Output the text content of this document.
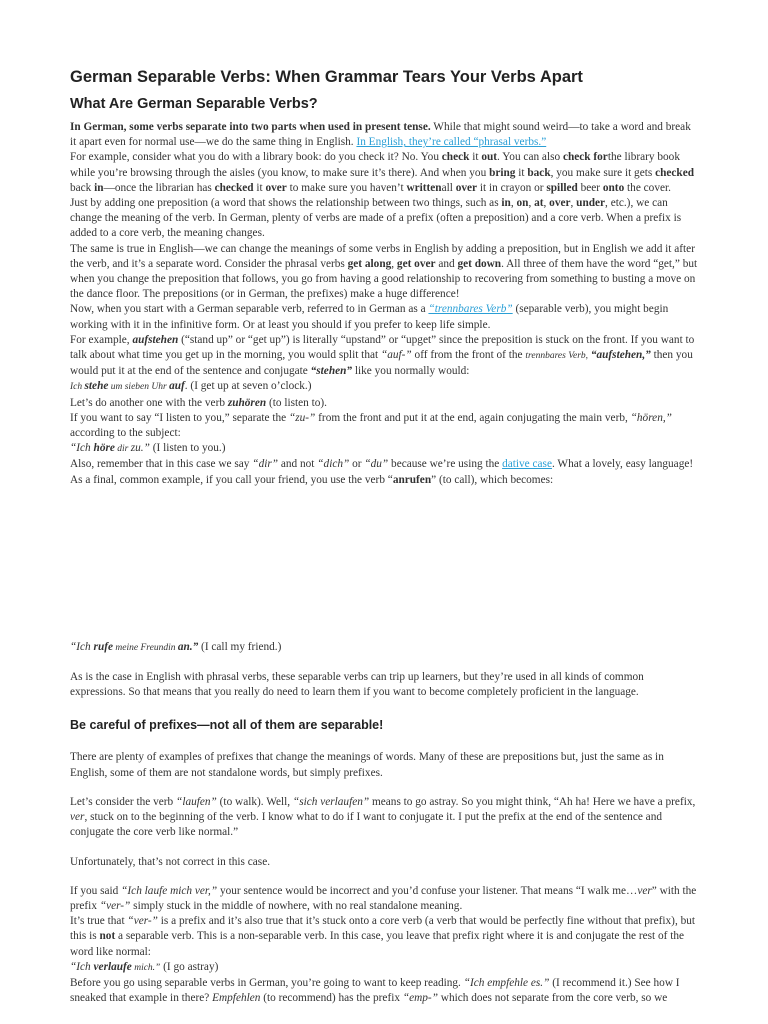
German Separable Verbs: When Grammar Tears Your Verbs Apart
What Are German Separable Verbs?

In German, some verbs separate into two parts when used in present tense. While that might sound weird—to take a word and break it apart even for normal use—we do the same thing in English. In English, they’re called “phrasal verbs.”

For example, consider what you do with a library book: do you check it? No. You check it out. You can also check forthe library book while you’re browsing through the aisles (you know, to make sure it’s there). And when you bring it back, you make sure it gets checked back in—once the librarian has checked it over to make sure you haven’t writtenall over it in crayon or spilled beer onto the cover.

Just by adding one preposition (a word that shows the relationship between two things, such as in, on, at, over, under, etc.), we can change the meaning of the verb. In German, plenty of verbs are made of a prefix (often a preposition) and a core verb. When a prefix is added to a core verb, the meaning changes.

The same is true in English—we can change the meanings of some verbs in English by adding a preposition, but in English we add it after the verb, and it’s a separate word. Consider the phrasal verbs get along, get over and get down. All three of them have the word “get,” but when you change the preposition that follows, you go from having a good relationship to recovering from something to busting a move on the dance floor. The prepositions (or in German, the prefixes) make a huge difference!

Now, when you start with a German separable verb, referred to in German as a “trennbares Verb” (separable verb), you might begin working with it in the infinitive form. Or at least you should if you prefer to keep life simple.

For example, aufstehen (“stand up” or “get up”) is literally “upstand” or “upget” since the preposition is stuck on the front. If you want to talk about what time you get up in the morning, you would split that “auf-” off from the front of the trennbares Verb, “aufstehen,” then you would put it at the end of the sentence and conjugate “stehen” like you normally would:

Ich stehe um sieben Uhr auf. (I get up at seven o’clock.)

Let’s do another one with the verb zuhören (to listen to).

If you want to say “I listen to you,” separate the “zu-” from the front and put it at the end, again conjugating the main verb, “hören,” according to the subject:

“Ich höre dir zu.” (I listen to you.)

Also, remember that in this case we say “dir” and not “dich” or “du” because we’re using the dative case. What a lovely, easy language!

As a final, common example, if you call your friend, you use the verb “anrufen” (to call), which becomes:

“Ich rufe meine Freundin an.” (I call my friend.)

As is the case in English with phrasal verbs, these separable verbs can trip up learners, but they’re used in all kinds of common expressions. So that means that you really do need to learn them if you want to become completely proficient in the language.

Be careful of prefixes—not all of them are separable!

There are plenty of examples of prefixes that change the meanings of words. Many of these are prepositions but, just the same as in English, some of them are not standalone words, but simply prefixes.

Let’s consider the verb “laufen” (to walk). Well, “sich verlaufen” means to go astray. So you might think, “Ah ha! Here we have a prefix, ver, stuck on to the beginning of the verb. I know what to do if I want to conjugate it. I put the prefix at the end of the sentence and conjugate the core verb like normal.”

Unfortunately, that’s not correct in this case.

If you said “Ich laufe mich ver,” your sentence would be incorrect and you’d confuse your listener. That means “I walk me…ver” with the prefix “ver-” simply stuck in the middle of nowhere, with no real standalone meaning.

It’s true that “ver-” is a prefix and it’s also true that it’s stuck onto a core verb (a verb that would be perfectly fine without that prefix), but this is not a separable verb. This is a non-separable verb. In this case, you leave that prefix right where it is and conjugate the rest of the word like normal:

“Ich verlaufe mich.” (I go astray)

Before you go using separable verbs in German, you’re going to want to keep reading. “Ich empfehle es.” (I recommend it.) See how I sneaked that example in there? Empfehlen (to recommend) has the prefix “emp-” which does not separate from the core verb, so we
